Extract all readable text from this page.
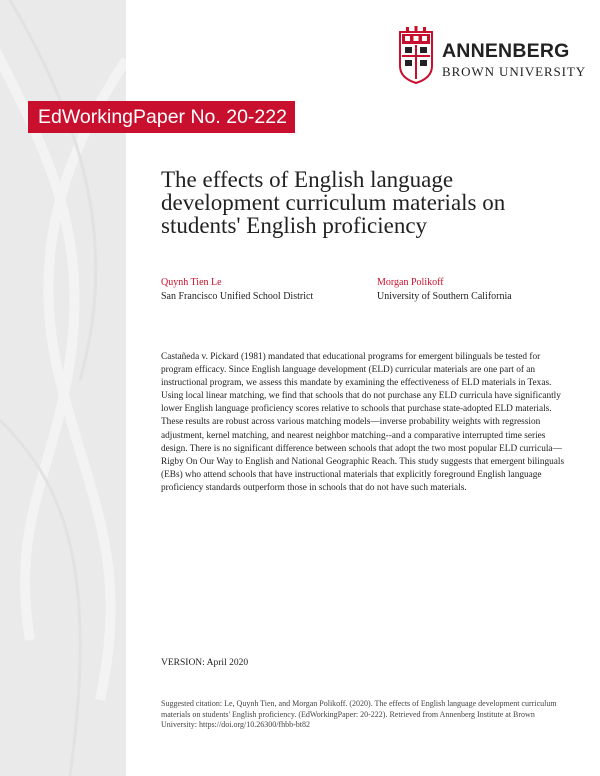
EdWorkingPaper No. 20-222
ANNENBERG
BROWN UNIVERSITY
The effects of English language development curriculum materials on students' English proficiency
Quynh Tien Le
San Francisco Unified School District
Morgan Polikoff
University of Southern California

Castañeda v. Pickard (1981) mandated that educational programs for emergent bilinguals be tested for program efficacy. Since English language development (ELD) curricular materials are one part of an instructional program, we assess this mandate by examining the effectiveness of ELD materials in Texas. Using local linear matching, we find that schools that do not purchase any ELD curricula have significantly lower English language proficiency scores relative to schools that purchase state-adopted ELD materials. These results are robust across various matching models—inverse probability weights with regression adjustment, kernel matching, and nearest neighbor matching--and a comparative interrupted time series design. There is no significant difference between schools that adopt the two most popular ELD curricula—Rigby On Our Way to English and National Geographic Reach. This study suggests that emergent bilinguals (EBs) who attend schools that have instructional materials that explicitly foreground English language proficiency standards outperform those in schools that do not have such materials.

VERSION: April 2020

Suggested citation: Le, Quynh Tien, and Morgan Polikoff. (2020). The effects of English language development curriculum materials on students' English proficiency. (EdWorkingPaper: 20-222). Retrieved from Annenberg Institute at Brown University: https://doi.org/10.26300/fhbb-bt82
